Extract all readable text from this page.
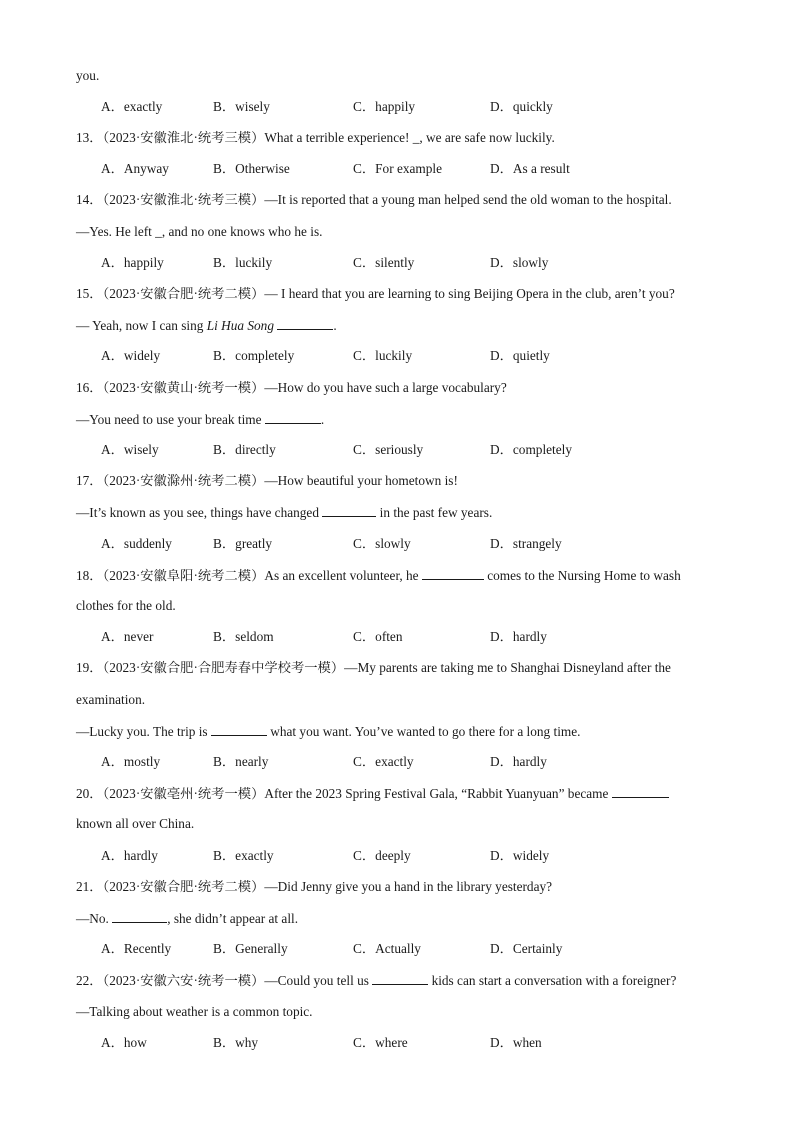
you.
A．exactly	B．wisely	C．happily	D．quickly
13．（2023·安徽淮北·统考三模）What a terrible experience! _, we are safe now luckily.
A．Anyway	B．Otherwise	C．For example	D．As a result
14．（2023·安徽淮北·统考三模）—It is reported that a young man helped send the old woman to the hospital.
—Yes. He left _, and no one knows who he is.
A．happily	B．luckily	C．silently	D．slowly
15．（2023·安徽合肥·统考二模）— I heard that you are learning to sing Beijing Opera in the club, aren’t you?
— Yeah, now I can sing Li Hua Song	.
A．widely	B．completely	C．luckily	D．quietly
16．（2023·安徽黄山·统考一模）—How do you have such a large vocabulary?
—You need to use your break time	.
A．wisely	B．directly	C．seriously	D．completely
17．（2023·安徽滁州·统考二模）—How beautiful your hometown is!
—It’s known as you see, things have changed	in the past few years.
A．suddenly	B．greatly	C．slowly	D．strangely
18．（2023·安徽阜阳·统考二模）As an excellent volunteer, he	comes to the Nursing Home to wash
clothes for the old.
A．never	B．seldom	C．often	D．hardly
19．（2023·安徽合肥·合肥寿春中学校考一模）—My parents are taking me to Shanghai Disneyland after the
examination.
—Lucky you. The trip is	what you want. You’ve wanted to go there for a long time.
A．mostly	B．nearly	C．exactly	D．hardly
20．（2023·安徽亳州·统考一模）After the 2023 Spring Festival Gala, “Rabbit Yuanyuan” became
known all over China.
A．hardly	B．exactly	C．deeply	D．widely
21．（2023·安徽合肥·统考二模）—Did Jenny give you a hand in the library yesterday?
—No.	, she didn’t appear at all.
A．Recently	B．Generally	C．Actually	D．Certainly
22．（2023·安徽六安·统考一模）—Could you tell us	kids can start a conversation with a foreigner?
—Talking about weather is a common topic.
A．how	B．why	C．where	D．when
